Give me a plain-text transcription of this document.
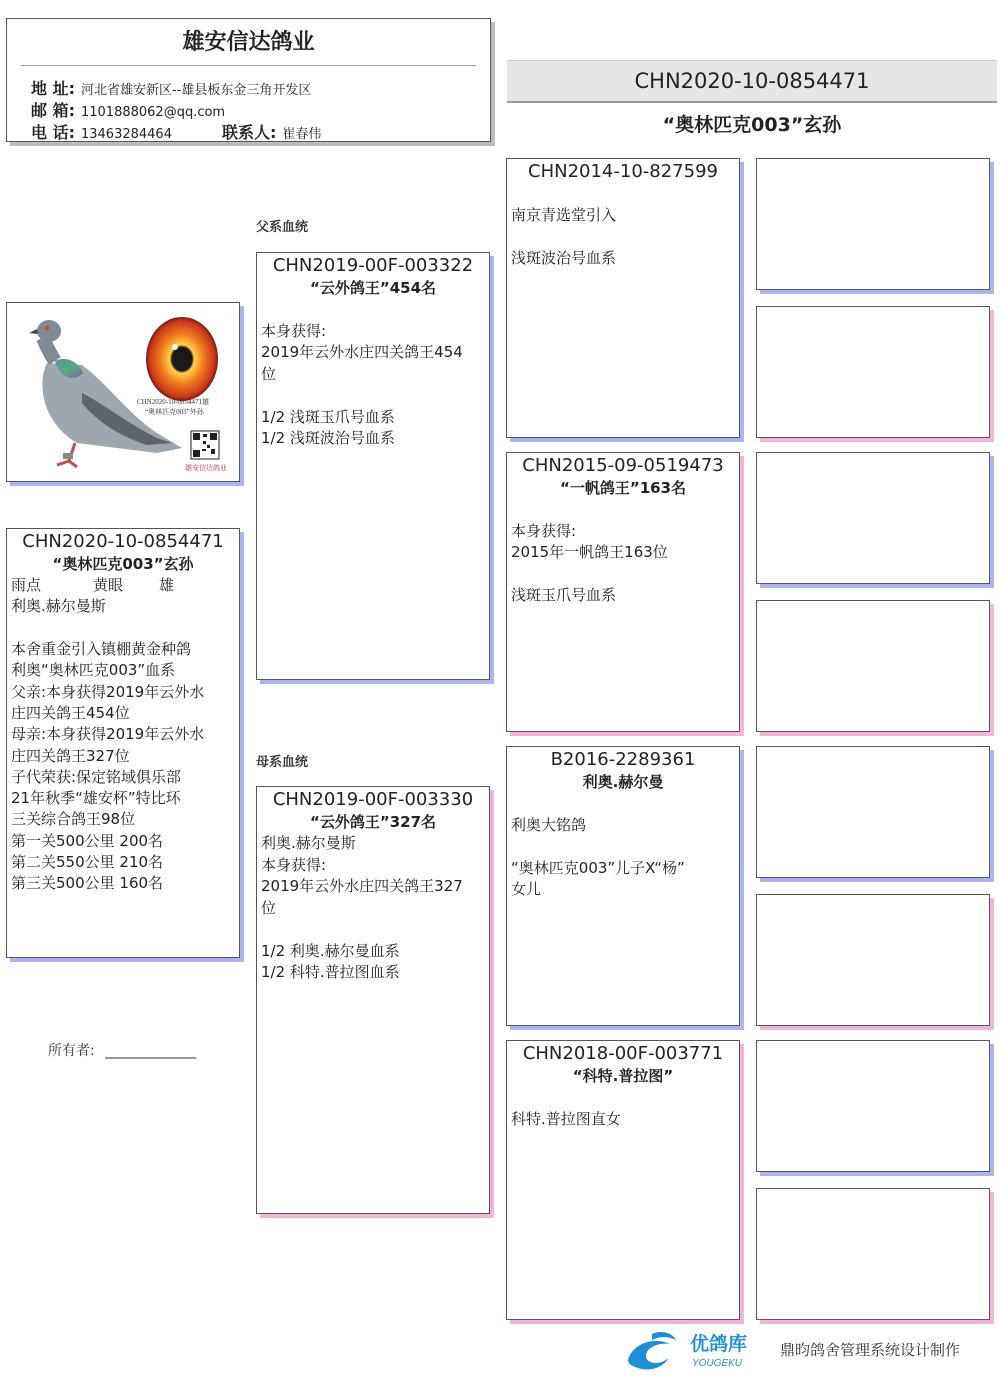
雄安信达鸽业
地 址: 河北省雄安新区--雄县板东金三角开发区
邮 箱: 1101888062@qq.com
电 话: 13463284464	联系人: 崔春伟
CHN2020-10-0854471
“奥林匹克003”玄孙
CHN2020-10-0854471雄
“奥林匹克003”外孙
雄安信达鸽业
CHN2020-10-0854471
“奥林匹克003”玄孙
雨点	黄眼 雄
利奥.赫尔曼斯
本舍重金引入镇棚黄金种鸽
利奥“奥林匹克003”血系
父亲:本身获得2019年云外水
庄四关鸽王454位
母亲:本身获得2019年云外水
庄四关鸽王327位
子代荣获:保定铭域俱乐部
21年秋季“雄安杯”特比环
三关综合鸽王98位
第一关500公里 200名
第二关550公里 210名
第三关500公里 160名
父系血统
母系血统
CHN2019-00F-003322
“云外鸽王”454名
本身获得:
2019年云外水庄四关鸽王454
位
1/2 浅斑玉爪号血系
1/2 浅斑波治号血系
CHN2019-00F-003330
“云外鸽王”327名
利奥.赫尔曼斯
本身获得:
2019年云外水庄四关鸽王327
位
1/2 利奥.赫尔曼血系
1/2 科特.普拉图血系
CHN2014-10-827599
南京青选堂引入
浅斑波治号血系
CHN2015-09-0519473
“一帆鸽王”163名
本身获得:
2015年一帆鸽王163位
浅斑玉爪号血系
B2016-2289361
利奥.赫尔曼
利奥大铭鸽
“奥林匹克003”儿子X“杨”
女儿
CHN2018-00F-003771
“科特.普拉图”
科特.普拉图直女
所有者: _____________
优鸽库
YOUGEKU
鼎昀鸽舍管理系统设计制作
